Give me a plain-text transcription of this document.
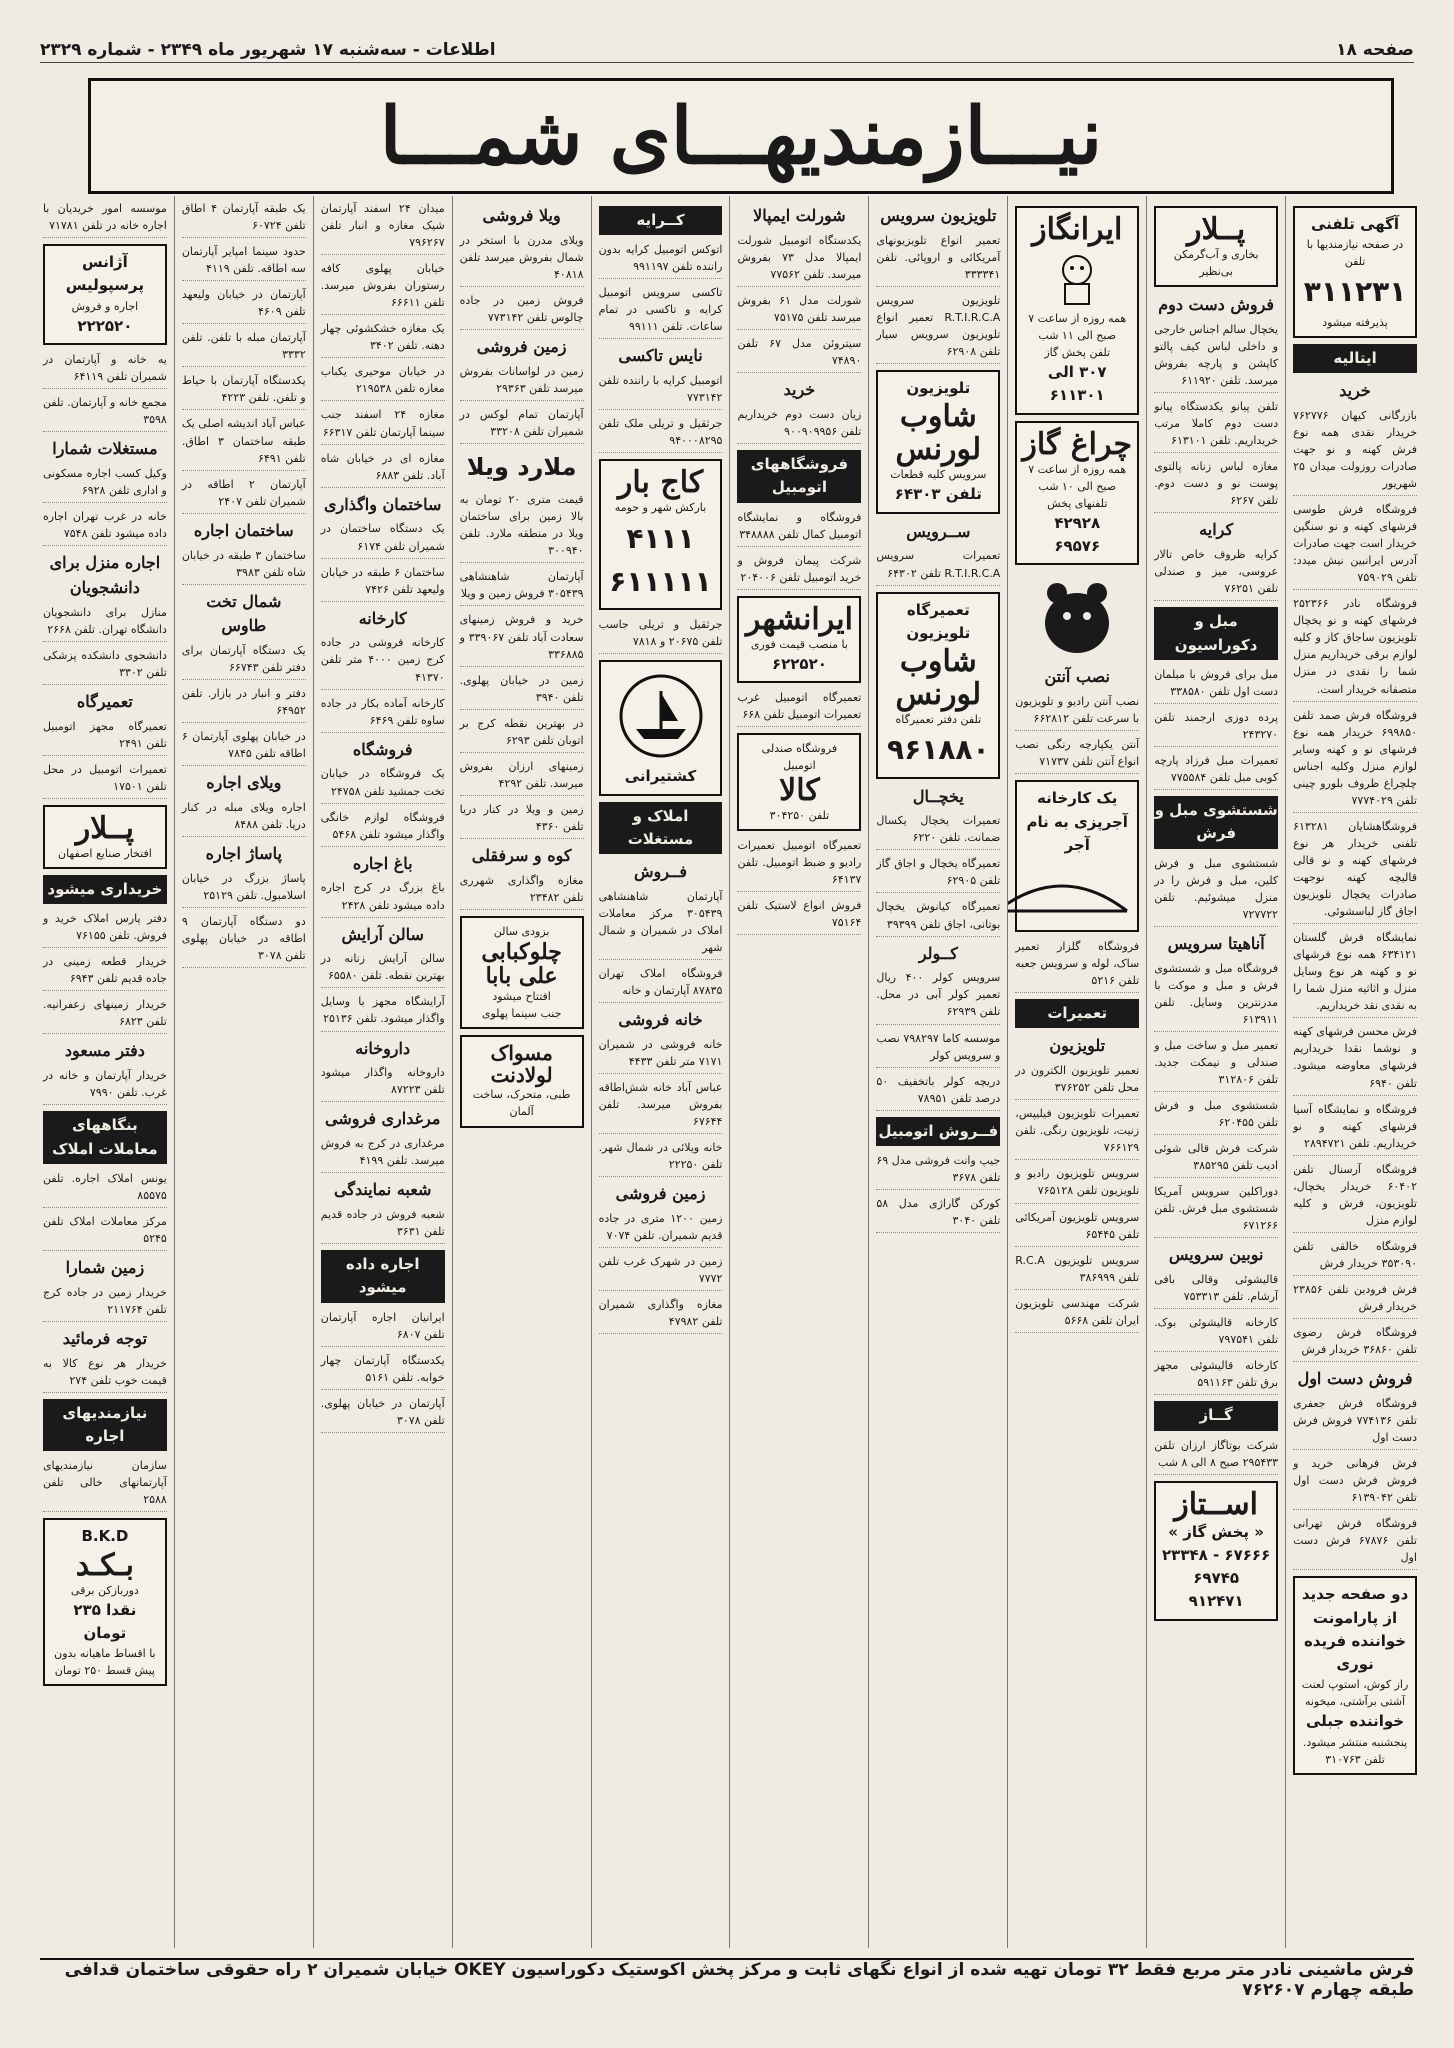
صفحه ۱۸
اطلاعات - سه‌شنبه ۱۷ شهریور ماه ۲۳۴۹ - شماره ۲۳۲۹
نیـــازمندیهـــای شمـــا
آگهی تلفنی
در صفحه نیازمندیها با تلفن
۳۱۱۲۳۱
پذیرفته میشود
ایتالیه
خرید

بازرگانی کیهان ۷۶۲۷۷۶ خریدار نقدی همه نوع فرش کهنه و نو جهت صادرات روزولت میدان ۲۵ شهریور

فروشگاه فرش طوسی فرشهای کهنه و نو سنگین خریدار است جهت صادرات آدرس ایرانبین نیش میدد: تلفن ۷۵۹۰۲۹

فروشگاه نادر ۲۵۲۳۶۶ فرشهای کهنه و نو یخچال تلویزیون ساجاق کاز و کلیه لوازم برقی خریداریم منزل شما را نقدی در منزل متصفانه خریدار است.

فروشگاه فرش صمد تلفن ۶۹۹۸۵۰ خریدار همه نوع فرشهای نو و کهنه وسایر لوازم منزل وکلیه اجناس چلچراغ ظروف بلورو چینی تلفن ۷۷۷۴۰۲۹

فروشگاهشایان ۶۱۳۲۸۱ تلفنی خریدار هر نوع فرشهای کهنه و نو قالی قالیچه کهنه نوجهت صادرات یخچال تلویزیون اجاق گاز لباسشوئی.

نمایشگاه فرش گلستان ۶۳۴۱۲۱ همه نوع فرشهای نو و کهنه هر نوع وسایل منزل و اثاثیه منزل شما را به نقدی نقد خریداریم.

فرش محسن فرشهای کهنه و نوشما نقدا خریداریم فرشهای معاوضه میشود. تلفن ۶۹۴۰

فروشگاه و نمایشگاه آسیا فرشهای کهنه و نو خریداریم. تلفن ۲۸۹۴۷۲۱

فروشگاه آرسنال تلفن ۶۰۴۰۲ خریدار یخچال، تلویزیون، فرش و کلیه لوازم منزل

فروشگاه خالقی تلفن ۳۵۳۰۹۰ خریدار فرش

فرش فرودین تلفن ۲۳۸۵۶ خریدار فرش

فروشگاه فرش رضوی تلفن ۳۶۸۶۰ خریدار فرش

فروش دست اول

فروشگاه فرش جعفری تلفن ۷۷۴۱۳۶ فروش فرش دست اول

فرش فرهانی خرید و فروش فرش دست اول تلفن ۶۱۳۹۰۴۲

فروشگاه فرش تهرانی تلفن ۶۷۸۷۶ فرش دست اول

دو صفحه جدید از پارامونت
خواننده فریده نوری
راز کوش، استوپ لعنت
آشتی برآشتی، میخونه
خواننده جبلی
پنجشنبه منتشر میشود. تلفن ۳۱۰۷۶۳
پــلار
بخاری و آب‌گرمکن بی‌نظیر
فروش دست دوم

یخچال سالم اجناس خارجی و داخلی لباس کیف پالتو کاپشن و پارچه بفروش میرسد. تلفن ۶۱۱۹۲۰

تلفن پیانو یکدستگاه پیانو دست دوم کاملا مرتب خریداریم. تلفن ۶۱۳۱۰۱

مغازه لباس زنانه پالتوی پوست نو و دست دوم. تلفن ۶۲۶۷

کرایه

کرایه ظروف خاص تالار عروسی، میز و صندلی تلفن ۷۶۲۵۱

مبل و دکوراسیون

مبل برای فروش با مبلمان دست اول تلفن ۳۳۸۵۸۰

پرده دوزی ارجمند تلفن ۲۴۳۲۷۰

تعمیرات مبل فرزاد پارچه کوبی مبل تلفن ۷۷۵۵۸۴

شستشوی مبل و فرش

شستشوی مبل و فرش کلین، مبل و فرش را در منزل میشوئیم. تلفن ۷۲۷۷۲۲

آناهیتا سرویس

فروشگاه مبل و شستشوی فرش و مبل و موکت با مدرنترین وسایل. تلفن ۶۱۳۹۱۱

تعمیر مبل و ساخت مبل و صندلی و نیمکت جدید. تلفن ۳۱۲۸۰۶

شستشوی مبل و فرش تلفن ۶۲۰۴۵۵

شرکت فرش قالی شوئی ادیب تلفن ۳۸۵۲۹۵

دوراکلین سرویس آمریکا شستشوی مبل فرش. تلفن ۶۷۱۲۶۶

نوبین سرویس

قالیشوئی وقالی بافی آرشام. تلفن ۷۵۳۳۱۳

کارخانه قالیشوئی بوک. تلفن ۷۹۷۵۴۱

کارخانه قالیشوئی مجهز برق تلفن ۵۹۱۱۶۳

گــاز

شرکت بوتاگاز ارزان تلفن ۲۹۵۴۳۳ صبح ۸ الی ۸ شب

اســتاز
« پخش گاز »
۶۷۶۶۶ - ۲۳۳۴۸
۶۹۷۴۵
۹۱۲۴۷۱
ایرانگاز
همه روزه از ساعت ۷ صبح الی ۱۱ شب
تلفن پخش گاز
۳۰۷ الی ۶۱۱۳۰۱
چراغ گاز
همه روزه از ساعت ۷ صبح الی ۱۰ شب
تلفنهای پخش
۴۲۹۲۸
۶۹۵۷۶
نصب آنتن

نصب آنتن رادیو و تلویزیون با سرعت تلفن ۶۶۲۸۱۲

آنتن یکپارچه رنگی نصب انواع آنتن تلفن ۷۱۷۳۷

یک کارخانه آجرپزی به نام آجر

فروشگاه گلزار تعمیر ساک، لوله و سرویس جعبه تلفن ۵۲۱۶

تعمیرات
تلویزیون

تعمیر تلویزیون الکترون در محل تلفن ۳۷۶۲۵۲

تعمیرات تلویزیون فیلیپس، زنیت، تلویزیون رنگی. تلفن ۷۶۶۱۲۹

سرویس تلویزیون رادیو و تلویزیون تلفن ۷۶۵۱۲۸

سرویس تلویزیون آمریکائی تلفن ۶۵۴۴۵

سرویس تلویزیون R.C.A تلفن ۳۸۶۹۹۹

شرکت مهندسی تلویزیون ایران تلفن ۵۶۶۸

تلویزیون سرویس

تعمیر انواع تلویزیونهای آمریکائی و اروپائی. تلفن ۳۳۳۳۴۱

تلویزیون سرویس R.T.I.R.C.A تعمیر انواع تلویزیون سرویس سیار تلفن ۶۲۹۰۸

تلویزیون
شاوب لورنس
سرویس کلیه قطعات
تلفن ۶۴۳۰۳
ســرویس

تعمیرات سرویس R.T.I.R.C.A تلفن ۶۴۳۰۲

تعمیرگاه تلویزیون
شاوب لورنس
تلفن دفتر تعمیرگاه
۹۶۱۸۸۰
یخچــال

تعمیرات یخچال یکسال ضمانت. تلفن ۶۲۲۰

تعمیرگاه یخچال و اجاق گاز تلفن ۶۲۹۰۵

تعمیرگاه کیانوش یخچال بوتانی، اجاق تلفن ۳۹۳۹۹

کــولر

سرویس کولر ۴۰۰ ریال تعمیر کولر آبی در محل. تلفن ۶۲۹۳۹

موسسه کاما ۷۹۸۲۹۷ نصب و سرویس کولر

دریچه کولر باتخفیف ۵۰ درصد تلفن ۷۸۹۵۱

فــروش اتومبیل

جیپ وانت فروشی مدل ۶۹ تلفن ۳۶۷۸

کورکن گاراژی مدل ۵۸ تلفن ۳۰۴۰

شورلت ایمپالا

یکدستگاه اتومبیل شورلت ایمپالا مدل ۷۳ بفروش میرسد. تلفن ۷۷۵۶۲

شورلت مدل ۶۱ بفروش میرسد تلفن ۷۵۱۷۵

سیتروئن مدل ۶۷ تلفن ۷۴۸۹۰

خرید

زیان دست دوم خریداریم تلفن ۹۰۰۹۰۹۹۵۶

فروشگاههای اتومبیل

فروشگاه و نمایشگاه اتومبیل کمال تلفن ۳۴۸۸۸۸

شرکت پیمان فروش و خرید اتومبیل تلفن ۲۰۴۰۰۶

ایرانشهر
با منصب قیمت فوری
۶۲۲۵۲۰

تعمیرگاه اتومبیل غرب تعمیرات اتومبیل تلفن ۶۶۸

فروشگاه صندلی اتومبیل
کالا
تلفن ۳۰۴۲۵۰

تعمیرگاه اتومبیل تعمیرات رادیو و ضبط اتومبیل. تلفن ۶۴۱۳۷

فروش انواع لاستیک تلفن ۷۵۱۶۴

کــرایه

اتوکس اتومبیل کرایه بدون راننده تلفن ۹۹۱۱۹۷

تاکسی سرویس اتومبیل کرایه و تاکسی در تمام ساعات. تلفن ۹۹۱۱۱

نایس تاکسی

اتومبیل کرایه با راننده تلفن ۷۷۳۱۴۲

جرثقیل و تریلی ملک تلفن ۹۴۰۰۰۸۲۹۵

کاج بار
بارکش شهر و حومه
۴۱۱۱
۶۱۱۱۱۱

جرثقیل و تریلی جاسب تلفن ۲۰۶۷۵ و ۷۸۱۸

کشتیرانی
املاک و مستغلات
فــروش

آپارتمان شاهنشاهی ۳۰۵۴۳۹ مرکز معاملات املاک در شمیران و شمال شهر

فروشگاه املاک تهران ۸۷۸۳۵ آپارتمان و خانه

خانه فروشی

خانه فروشی در شمیران ۷۱۷۱ متر تلفن ۴۴۳۳

عباس آباد خانه شش‌اطاقه بفروش میرسد. تلفن ۶۷۶۴۴

خانه ویلائی در شمال شهر. تلفن ۲۲۲۵۰

زمین فروشی

زمین ۱۲۰۰ متری در جاده قدیم شمیران. تلفن ۷۰۷۴

زمین در شهرک غرب تلفن ۷۷۷۲

مغازه واگذاری شمیران تلفن ۴۷۹۸۲

ویلا فروشی

ویلای مدرن با استخر در شمال بفروش میرسد تلفن ۴۰۸۱۸

فروش زمین در جاده چالوس تلفن ۷۷۳۱۴۲

زمین فروشی

زمین در لواسانات بفروش میرسد تلفن ۲۹۳۶۳

آپارتمان تمام لوکس در شمیران تلفن ۳۳۲۰۸

ملارد ویلا

قیمت متری ۲۰ تومان به بالا زمین برای ساختمان ویلا در منطقه ملارد. تلفن ۳۰۰۹۴۰

آپارتمان شاهنشاهی ۳۰۵۴۳۹ فروش زمین و ویلا

خرید و فروش زمینهای سعادت آباد تلفن ۳۳۹۰۶۷ و ۳۳۶۸۸۵

زمین در خیابان پهلوی. تلفن ۳۹۴۰

در بهترین نقطه کرج بر اتوبان تلفن ۶۲۹۳

زمینهای ارزان بفروش میرسد. تلفن ۴۲۹۲

زمین و ویلا در کنار دریا تلفن ۴۳۶۰

کوه و سرفقلی

مغازه واگذاری شهرری تلفن ۲۳۴۸۲

بزودی سالن
چلوکبابی علی بابا
افتتاح میشود
جنب سینما پهلوی
مسواک لولادنت
طبی، متحرک، ساخت آلمان

میدان ۲۴ اسفند آپارتمان شیک مغازه و انبار تلفن ۷۹۶۲۶۷

خیابان پهلوی کافه رستوران بفروش میرسد. تلفن ۶۶۶۱۱

یک مغازه خشکشوئی چهار دهنه. تلفن ۳۴۰۲

در خیابان موحیری یکباب مغازه تلفن ۲۱۹۵۳۸

مغازه ۲۴ اسفند جنب سینما آپارتمان تلفن ۶۶۳۱۷

مغازه ای در خیابان شاه آباد. تلفن ۶۸۸۳

ساختمان واگذاری

یک دستگاه ساختمان در شمیران تلفن ۶۱۷۴

ساختمان ۶ طبقه در خیابان ولیعهد تلفن ۷۴۲۶

کارخانه

کارخانه فروشی در جاده کرج زمین ۴۰۰۰ متر تلفن ۴۱۳۷۰

کارخانه آماده بکار در جاده ساوه تلفن ۶۴۶۹

فروشگاه

یک فروشگاه در خیابان تخت جمشید تلفن ۲۴۷۵۸

فروشگاه لوازم خانگی واگذار میشود تلفن ۵۴۶۸

باغ اجاره

باغ بزرگ در کرج اجاره داده میشود تلفن ۲۴۲۸

سالن آرایش

سالن آرایش زنانه در بهترین نقطه. تلفن ۶۵۵۸۰

آرایشگاه مجهز با وسایل واگذار میشود. تلفن ۲۵۱۳۶

داروخانه

داروخانه واگذار میشود تلفن ۸۷۲۲۳

مرغداری فروشی

مرغداری در کرج به فروش میرسد. تلفن ۴۱۹۹

شعبه نمایندگی

شعبه فروش در جاده قدیم تلفن ۳۶۳۱

اجاره داده میشود

ایرانیان اجاره آپارتمان تلفن ۶۸۰۷

یکدستگاه آپارتمان چهار خوابه. تلفن ۵۱۶۱

آپارتمان در خیابان پهلوی. تلفن ۳۰۷۸

یک طبقه آپارتمان ۴ اطاق تلفن ۶۰۷۲۴

حدود سینما امپایر آپارتمان سه اطاقه. تلفن ۴۱۱۹

آپارتمان در خیابان ولیعهد تلفن ۴۶۰۹

آپارتمان مبله با تلفن. تلفن ۳۳۳۲

یکدستگاه آپارتمان با حیاط و تلفن. تلفن ۴۲۲۳

عباس آباد اندیشه اصلی یک طبقه ساختمان ۳ اطاق. تلفن ۶۴۹۱

آپارتمان ۲ اطاقه در شمیران تلفن ۲۴۰۷

ساختمان اجاره

ساختمان ۳ طبقه در خیابان شاه تلفن ۳۹۸۳

شمال تخت طاوس

یک دستگاه آپارتمان برای دفتر تلفن ۶۶۷۴۳

دفتر و انبار در بازار. تلفن ۶۴۹۵۲

در خیابان پهلوی آپارتمان ۶ اطاقه تلفن ۷۸۴۵

ویلای اجاره

اجاره ویلای مبله در کنار دریا. تلفن ۸۴۸۸

پاساژ اجاره

پاساژ بزرگ در خیابان اسلامبول. تلفن ۲۵۱۲۹

دو دستگاه آپارتمان ۹ اطاقه در خیابان پهلوی تلفن ۳۰۷۸

موسسه امور خریدیان با اجاره خانه در تلفن ۷۱۷۸۱

آژانس پرسپولیس
اجاره و فروش
۲۲۲۵۲۰

یه خانه و آپارتمان در شمیران تلفن ۶۴۱۱۹

مجمع خانه و آپارتمان. تلفن ۳۵۹۸

مستغلات شمارا

وکیل کسب اجاره مسکونی و اداری تلفن ۶۹۲۸

خانه در غرب تهران اجاره داده میشود تلفن ۷۵۴۸

اجاره منزل برای دانشجویان

منازل برای دانشجویان دانشگاه تهران. تلفن ۲۶۶۸

دانشجوی دانشکده پزشکی تلفن ۳۳۰۲

تعمیرگاه

تعمیرگاه مجهز اتومبیل تلفن ۲۴۹۱

تعمیرات اتومبیل در محل تلفن ۱۷۵۰۱

پــلار
افتخار صنایع اصفهان
خریداری میشود

دفتر پارس املاک خرید و فروش. تلفن ۷۶۱۵۵

خریدار قطعه زمینی در جاده قدیم تلفن ۶۹۴۳

خریدار زمینهای زعفرانیه. تلفن ۶۸۲۳

دفتر مسعود

خریدار آپارتمان و خانه در غرب. تلفن ۷۹۹۰

بنگاههای معاملات املاک

یونس املاک اجاره. تلفن ۸۵۵۷۵

مرکز معاملات املاک تلفن ۵۲۴۵

زمین شمارا

خریدار زمین در جاده کرج تلفن ۲۱۱۷۶۴

توجه فرمائید

خریدار هر نوع کالا به قیمت خوب تلفن ۲۷۴

نیازمندیهای اجاره

سازمان نیازمندیهای آپارتمانهای خالی تلفن ۲۵۸۸

B.K.D
بـکـد
دوربازکن برقی
نقدا ۲۳۵ تومان
با اقساط ماهیانه بدون پیش قسط ۲۵۰ تومان
فرش ماشینی نادر متر مربع فقط ۳۲ تومان تهیه شده از انواع نگهای ثابت و مرکز پخش اکوستیک دکوراسیون OKEY خیابان شمیران ۲ راه حقوقی ساختمان قدافی طبقه چهارم ۷۶۲۶۰۷
